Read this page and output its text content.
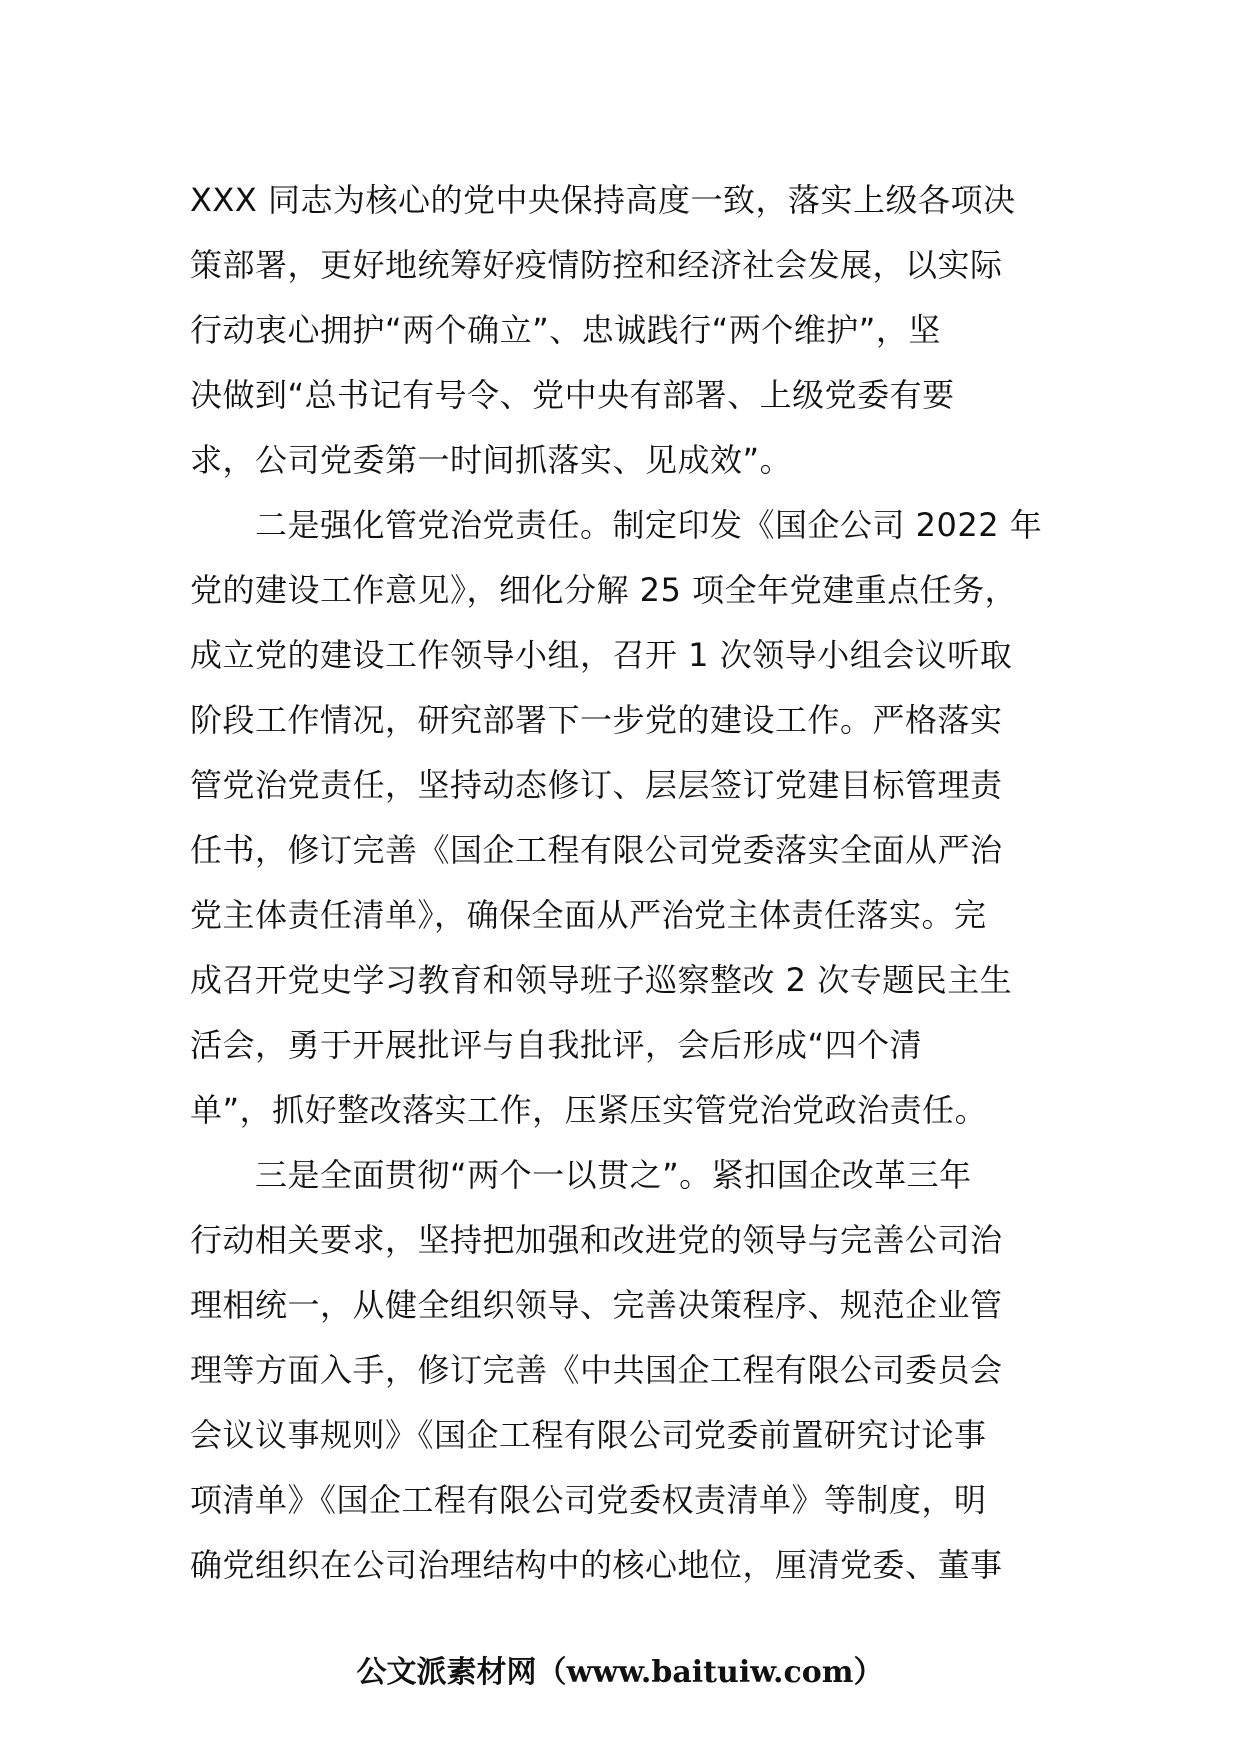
XXX 同志为核心的党中央保持高度一致，落实上级各项决
策部署，更好地统筹好疫情防控和经济社会发展，以实际
行动衷心拥护“两个确立”、忠诚践行“两个维护”，坚
决做到“总书记有号令、党中央有部署、上级党委有要
求，公司党委第一时间抓落实、见成效”。
　　二是强化管党治党责任。制定印发《国企公司 2022 年
党的建设工作意见》，细化分解 25 项全年党建重点任务，
成立党的建设工作领导小组，召开 1 次领导小组会议听取
阶段工作情况，研究部署下一步党的建设工作。严格落实
管党治党责任，坚持动态修订、层层签订党建目标管理责
任书，修订完善《国企工程有限公司党委落实全面从严治
党主体责任清单》，确保全面从严治党主体责任落实。完
成召开党史学习教育和领导班子巡察整改 2 次专题民主生
活会，勇于开展批评与自我批评，会后形成“四个清
单”，抓好整改落实工作，压紧压实管党治党政治责任。
　　三是全面贯彻“两个一以贯之”。紧扣国企改革三年
行动相关要求，坚持把加强和改进党的领导与完善公司治
理相统一，从健全组织领导、完善决策程序、规范企业管
理等方面入手，修订完善《中共国企工程有限公司委员会
会议议事规则》《国企工程有限公司党委前置研究讨论事
项清单》《国企工程有限公司党委权责清单》等制度，明
确党组织在公司治理结构中的核心地位，厘清党委、董事
公文派素材网（www.baituiw.com）
